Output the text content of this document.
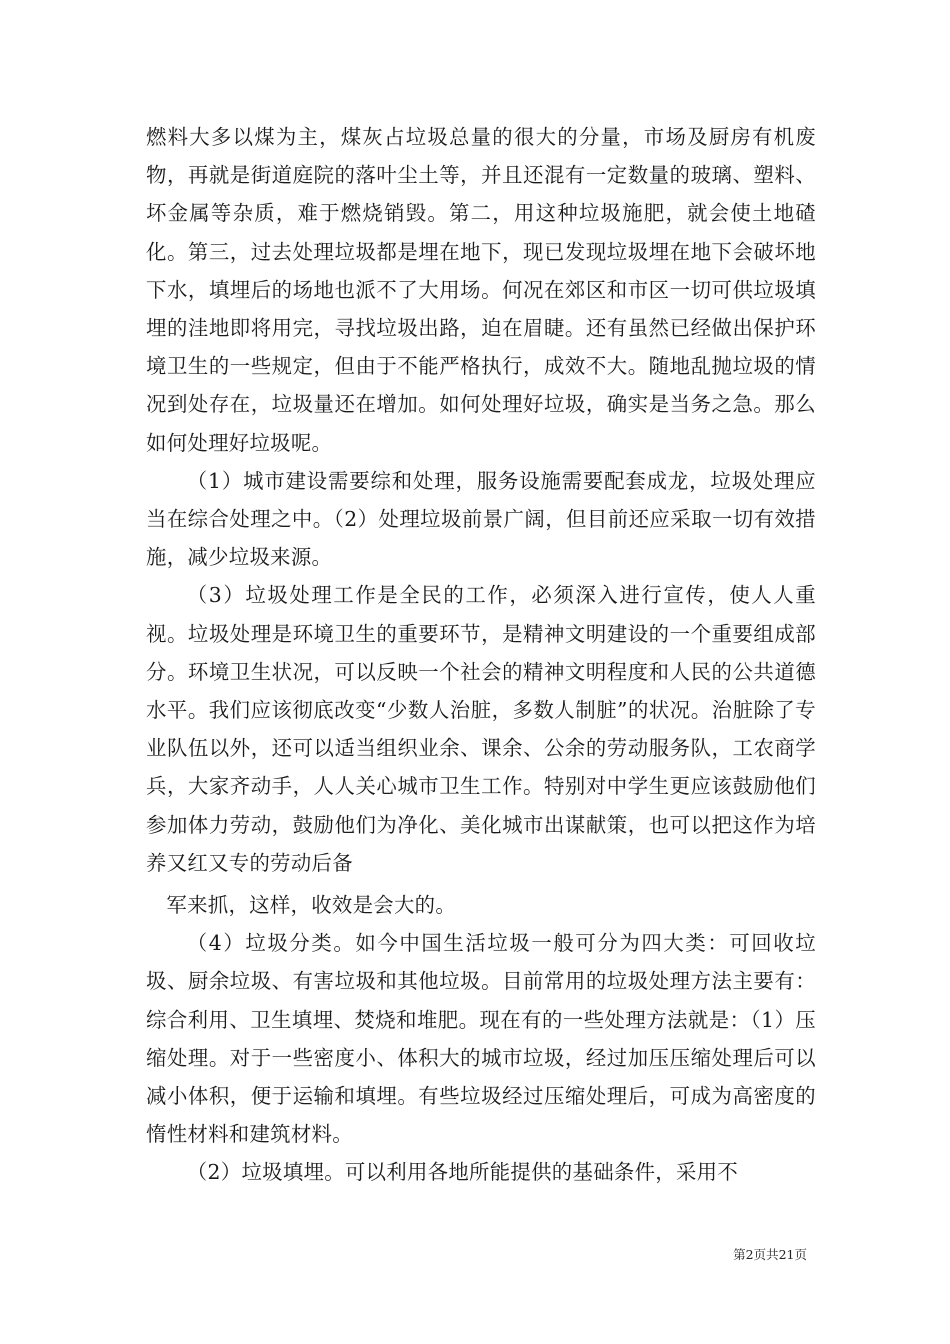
燃料大多以煤为主，煤灰占垃圾总量的很大的分量，市场及厨房有机废物，再就是街道庭院的落叶尘土等，并且还混有一定数量的玻璃、塑料、坏金属等杂质，难于燃烧销毁。第二，用这种垃圾施肥，就会使土地碴化。第三，过去处理垃圾都是埋在地下，现已发现垃圾埋在地下会破坏地下水，填埋后的场地也派不了大用场。何况在郊区和市区一切可供垃圾填埋的洼地即将用完，寻找垃圾出路，迫在眉睫。还有虽然已经做出保护环境卫生的一些规定，但由于不能严格执行，成效不大。随地乱抛垃圾的情况到处存在，垃圾量还在增加。如何处理好垃圾，确实是当务之急。那么如何处理好垃圾呢。

（1）城市建设需要综和处理，服务设施需要配套成龙，垃圾处理应当在综合处理之中。（2）处理垃圾前景广阔，但目前还应采取一切有效措施，减少垃圾来源。

（3）垃圾处理工作是全民的工作，必须深入进行宣传，使人人重视。垃圾处理是环境卫生的重要环节，是精神文明建设的一个重要组成部分。环境卫生状况，可以反映一个社会的精神文明程度和人民的公共道德水平。我们应该彻底改变“少数人治脏，多数人制脏”的状况。治脏除了专业队伍以外，还可以适当组织业余、课余、公余的劳动服务队，工农商学兵，大家齐动手，人人关心城市卫生工作。特别对中学生更应该鼓励他们参加体力劳动，鼓励他们为净化、美化城市出谋献策，也可以把这作为培养又红又专的劳动后备

军来抓，这样，收效是会大的。

（4）垃圾分类。如今中国生活垃圾一般可分为四大类：可回收垃圾、厨余垃圾、有害垃圾和其他垃圾。目前常用的垃圾处理方法主要有：综合利用、卫生填埋、焚烧和堆肥。现在有的一些处理方法就是：（1）压缩处理。对于一些密度小、体积大的城市垃圾，经过加压压缩处理后可以减小体积，便于运输和填埋。有些垃圾经过压缩处理后，可成为高密度的惰性材料和建筑材料。

（2）垃圾填埋。可以利用各地所能提供的基础条件，采用不

第2页共21页
